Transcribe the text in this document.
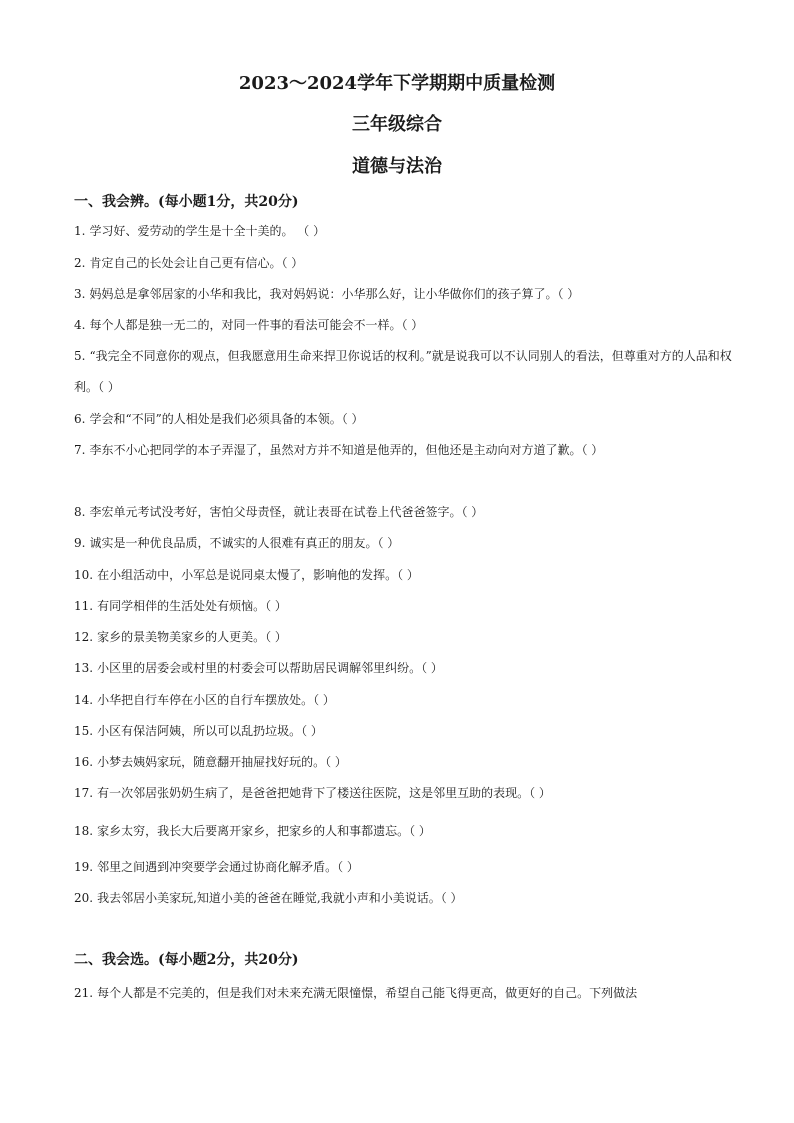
2023～2024学年下学期期中质量检测
三年级综合
道德与法治

一、我会辨。(每小题1分，共20分)

1. 学习好、爱劳动的学生是十全十美的。 （ ）

2. 肯定自己的长处会让自己更有信心。（ ）

3. 妈妈总是拿邻居家的小华和我比，我对妈妈说：小华那么好，让小华做你们的孩子算了。（ ）

4. 每个人都是独一无二的，对同一件事的看法可能会不一样。（ ）

5. “我完全不同意你的观点，但我愿意用生命来捍卫你说话的权利。”就是说我可以不认同别人的看法，但尊重对方的人品和权利。（ ）

6. 学会和“不同”的人相处是我们必须具备的本领。（ ）

7. 李东不小心把同学的本子弄湿了，虽然对方并不知道是他弄的，但他还是主动向对方道了歉。（ ）

8. 李宏单元考试没考好，害怕父母责怪，就让表哥在试卷上代爸爸签字。（ ）

9. 诚实是一种优良品质，不诚实的人很难有真正的朋友。（ ）

10. 在小组活动中，小军总是说同桌太慢了，影响他的发挥。（ ）

11. 有同学相伴的生活处处有烦恼。（ ）

12. 家乡的景美物美家乡的人更美。（ ）

13. 小区里的居委会或村里的村委会可以帮助居民调解邻里纠纷。（ ）

14. 小华把自行车停在小区的自行车摆放处。（ ）

15. 小区有保洁阿姨，所以可以乱扔垃圾。（ ）

16. 小梦去姨妈家玩，随意翻开抽屉找好玩的。（ ）

17. 有一次邻居张奶奶生病了，是爸爸把她背下了楼送往医院，这是邻里互助的表现。（ ）

18. 家乡太穷，我长大后要离开家乡，把家乡的人和事都遗忘。（ ）

19. 邻里之间遇到冲突要学会通过协商化解矛盾。（ ）

20. 我去邻居小美家玩,知道小美的爸爸在睡觉,我就小声和小美说话。（ ）

二、我会选。(每小题2分，共20分)

21. 每个人都是不完美的，但是我们对未来充满无限憧憬，希望自己能飞得更高，做更好的自己。下列做法
